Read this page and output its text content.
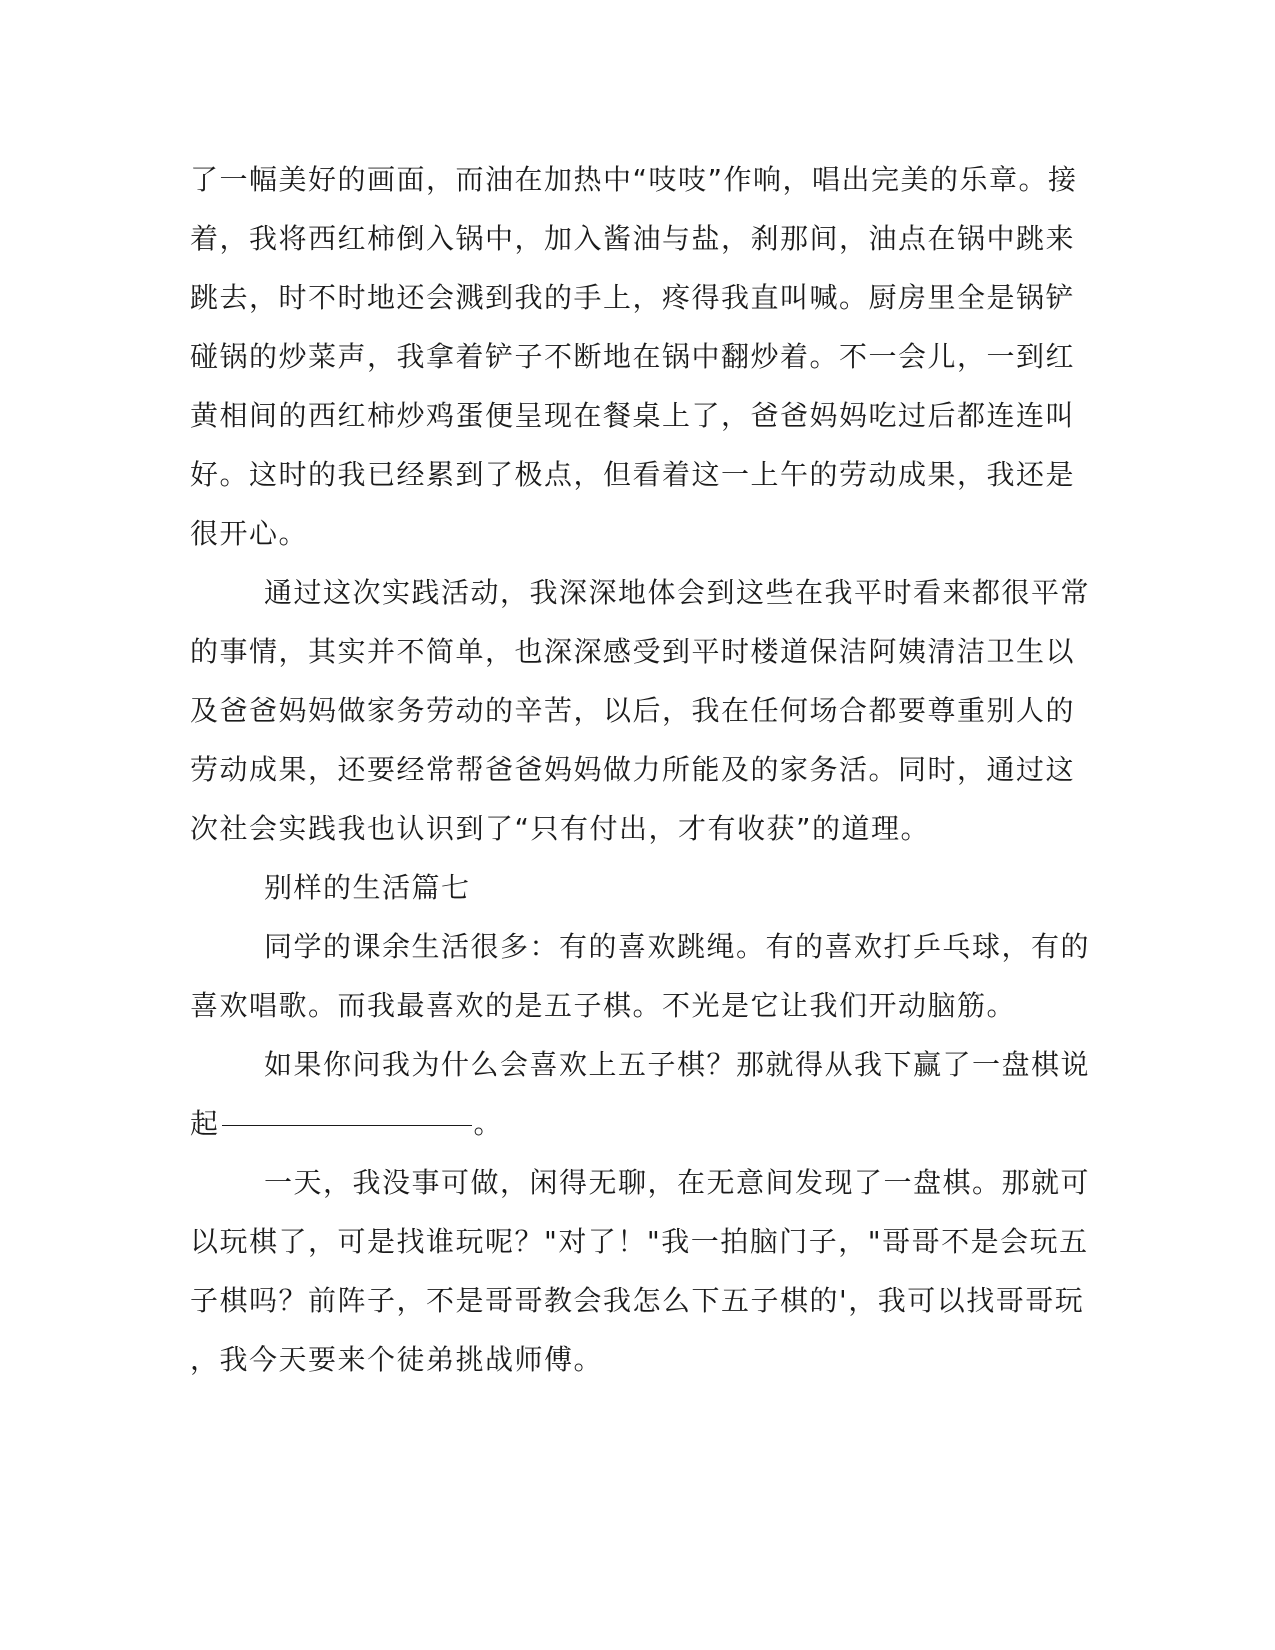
了一幅美好的画面，而油在加热中“吱吱”作响，唱出完美的乐章。接
着，我将西红柿倒入锅中，加入酱油与盐，刹那间，油点在锅中跳来
跳去，时不时地还会溅到我的手上，疼得我直叫喊。厨房里全是锅铲
碰锅的炒菜声，我拿着铲子不断地在锅中翻炒着。不一会儿，一到红
黄相间的西红柿炒鸡蛋便呈现在餐桌上了，爸爸妈妈吃过后都连连叫
好。这时的我已经累到了极点，但看着这一上午的劳动成果，我还是
很开心。
通过这次实践活动，我深深地体会到这些在我平时看来都很平常
的事情，其实并不简单，也深深感受到平时楼道保洁阿姨清洁卫生以
及爸爸妈妈做家务劳动的辛苦，以后，我在任何场合都要尊重别人的
劳动成果，还要经常帮爸爸妈妈做力所能及的家务活。同时，通过这
次社会实践我也认识到了“只有付出，才有收获”的道理。
别样的生活篇七
同学的课余生活很多：有的喜欢跳绳。有的喜欢打乒乓球，有的
喜欢唱歌。而我最喜欢的是五子棋。不光是它让我们开动脑筋。
如果你问我为什么会喜欢上五子棋？那就得从我下赢了一盘棋说
起	。
一天，我没事可做，闲得无聊，在无意间发现了一盘棋。那就可
以玩棋了，可是找谁玩呢？"对了！"我一拍脑门子，"哥哥不是会玩五
子棋吗？前阵子，不是哥哥教会我怎么下五子棋的'，我可以找哥哥玩
，我今天要来个徒弟挑战师傅。
